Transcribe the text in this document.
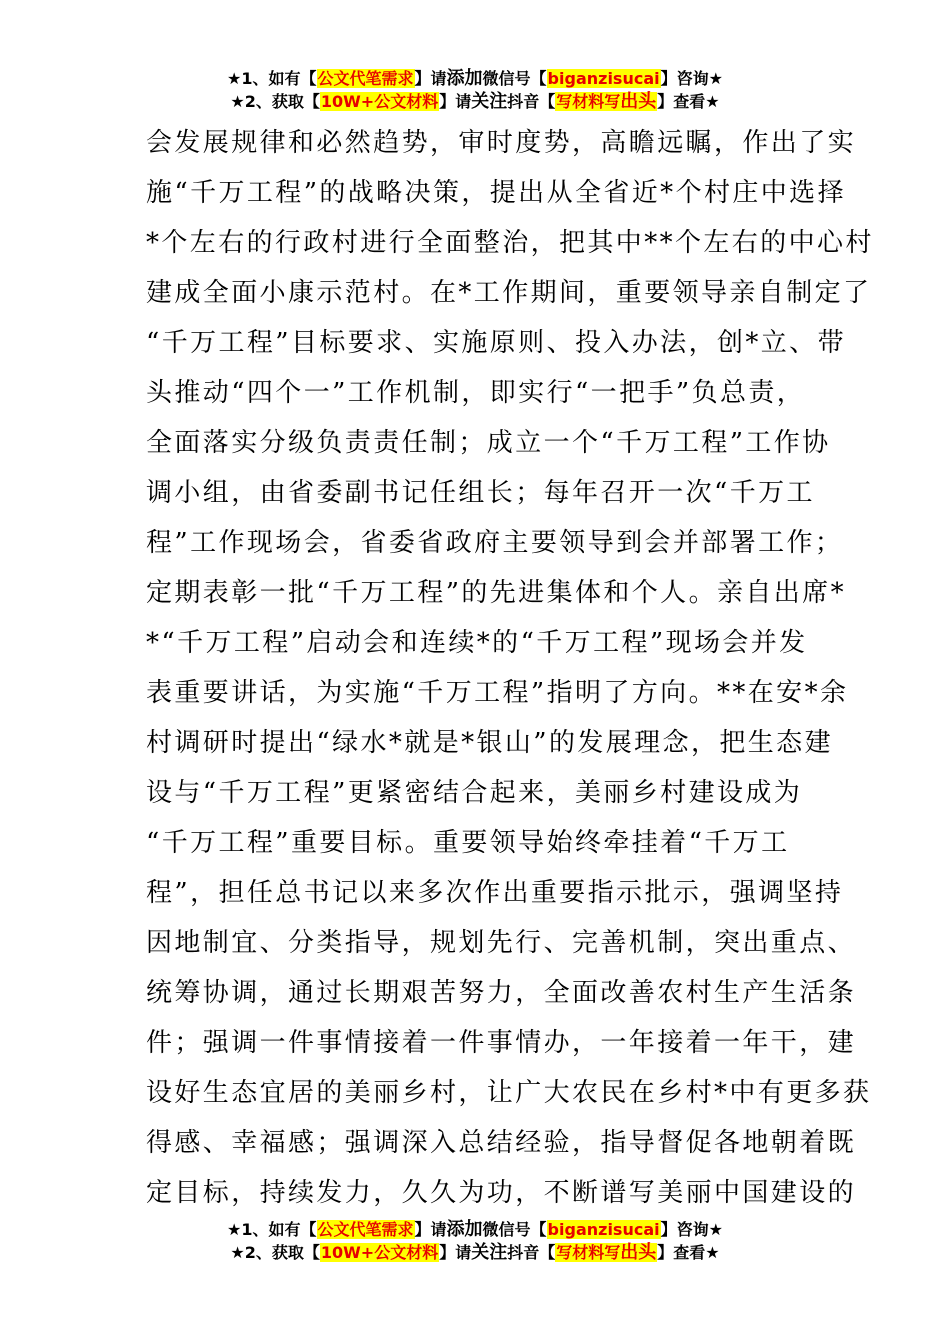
★1、如有【公文代笔需求】请添加微信号【biganzisucai】咨询★
★2、获取【10W+公文材料】请关注抖音【写材料写出头】查看★
会发展规律和必然趋势，审时度势，高瞻远瞩，作出了实
施“千万工程”的战略决策，提出从全省近*个村庄中选择
*个左右的行政村进行全面整治，把其中**个左右的中心村
建成全面小康示范村。在*工作期间，重要领导亲自制定了
“千万工程”目标要求、实施原则、投入办法，创*立、带
头推动“四个一”工作机制，即实行“一把手”负总责，
全面落实分级负责责任制；成立一个“千万工程”工作协
调小组，由省委副书记任组长；每年召开一次“千万工
程”工作现场会，省委省政府主要领导到会并部署工作；
定期表彰一批“千万工程”的先进集体和个人。亲自出席*
*“千万工程”启动会和连续*的“千万工程”现场会并发
表重要讲话，为实施“千万工程”指明了方向。**在安*余
村调研时提出“绿水*就是*银山”的发展理念，把生态建
设与“千万工程”更紧密结合起来，美丽乡村建设成为
“千万工程”重要目标。重要领导始终牵挂着“千万工
程”，担任总书记以来多次作出重要指示批示，强调坚持
因地制宜、分类指导，规划先行、完善机制，突出重点、
统筹协调，通过长期艰苦努力，全面改善农村生产生活条
件；强调一件事情接着一件事情办，一年接着一年干，建
设好生态宜居的美丽乡村，让广大农民在乡村*中有更多获
得感、幸福感；强调深入总结经验，指导督促各地朝着既
定目标，持续发力，久久为功，不断谱写美丽中国建设的
★1、如有【公文代笔需求】请添加微信号【biganzisucai】咨询★
★2、获取【10W+公文材料】请关注抖音【写材料写出头】查看★
